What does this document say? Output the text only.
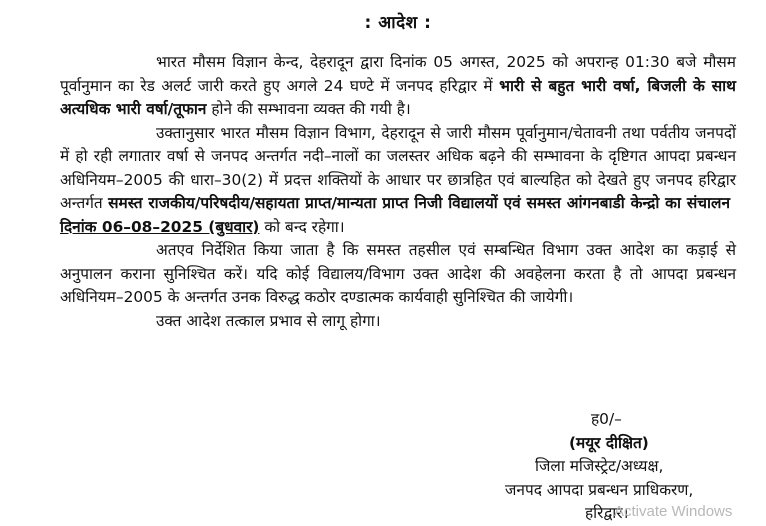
: आदेश :

भारत मौसम विज्ञान केन्द, देहरादून द्वारा दिनांक 05 अगस्त, 2025 को अपरान्ह 01:30 बजे मौसम पूर्वानुमान का रेड अलर्ट जारी करते हुए अगले 24 घण्टे में जनपद हरिद्वार में भारी से बहुत भारी वर्षा, बिजली के साथ अत्यधिक भारी वर्षा/तूफान होने की सम्भावना व्यक्त की गयी है।

उक्तानुसार भारत मौसम विज्ञान विभाग, देहरादून से जारी मौसम पूर्वानुमान/चेतावनी तथा पर्वतीय जनपदों में हो रही लगातार वर्षा से जनपद अन्तर्गत नदी–नालों का जलस्तर अधिक बढ़ने की सम्भावना के दृष्टिगत आपदा प्रबन्धन अधिनियम–2005 की धारा–30(2) में प्रदत्त शक्तियों के आधार पर छात्रहित एवं बाल्यहित को देखते हुए जनपद हरिद्वार अन्तर्गत समस्त राजकीय/परिषदीय/सहायता प्राप्त/मान्यता प्राप्त निजी विद्यालयों एवं समस्त आंगनबाडी केन्द्रो का संचालनदिनांक 06–08–2025 (बुधवार) को बन्द रहेगा।

अतएव निर्देशित किया जाता है कि समस्त तहसील एवं सम्बन्धित विभाग उक्त आदेश का कड़ाई से अनुपालन कराना सुनिश्चित करें। यदि कोई विद्यालय/विभाग उक्त आदेश की अवहेलना करता है तो आपदा प्रबन्धन अधिनियम–2005 के अन्तर्गत उनक विरुद्ध कठोर दण्डात्मक कार्यवाही सुनिश्चित की जायेगी।

उक्त आदेश तत्काल प्रभाव से लागू होगा।

ह0/–
(मयूर दीक्षित)
जिला मजिस्ट्रेट/अध्यक्ष,
जनपद आपदा प्रबन्धन प्राधिकरण,
हरिद्वार।
Activate Windows
